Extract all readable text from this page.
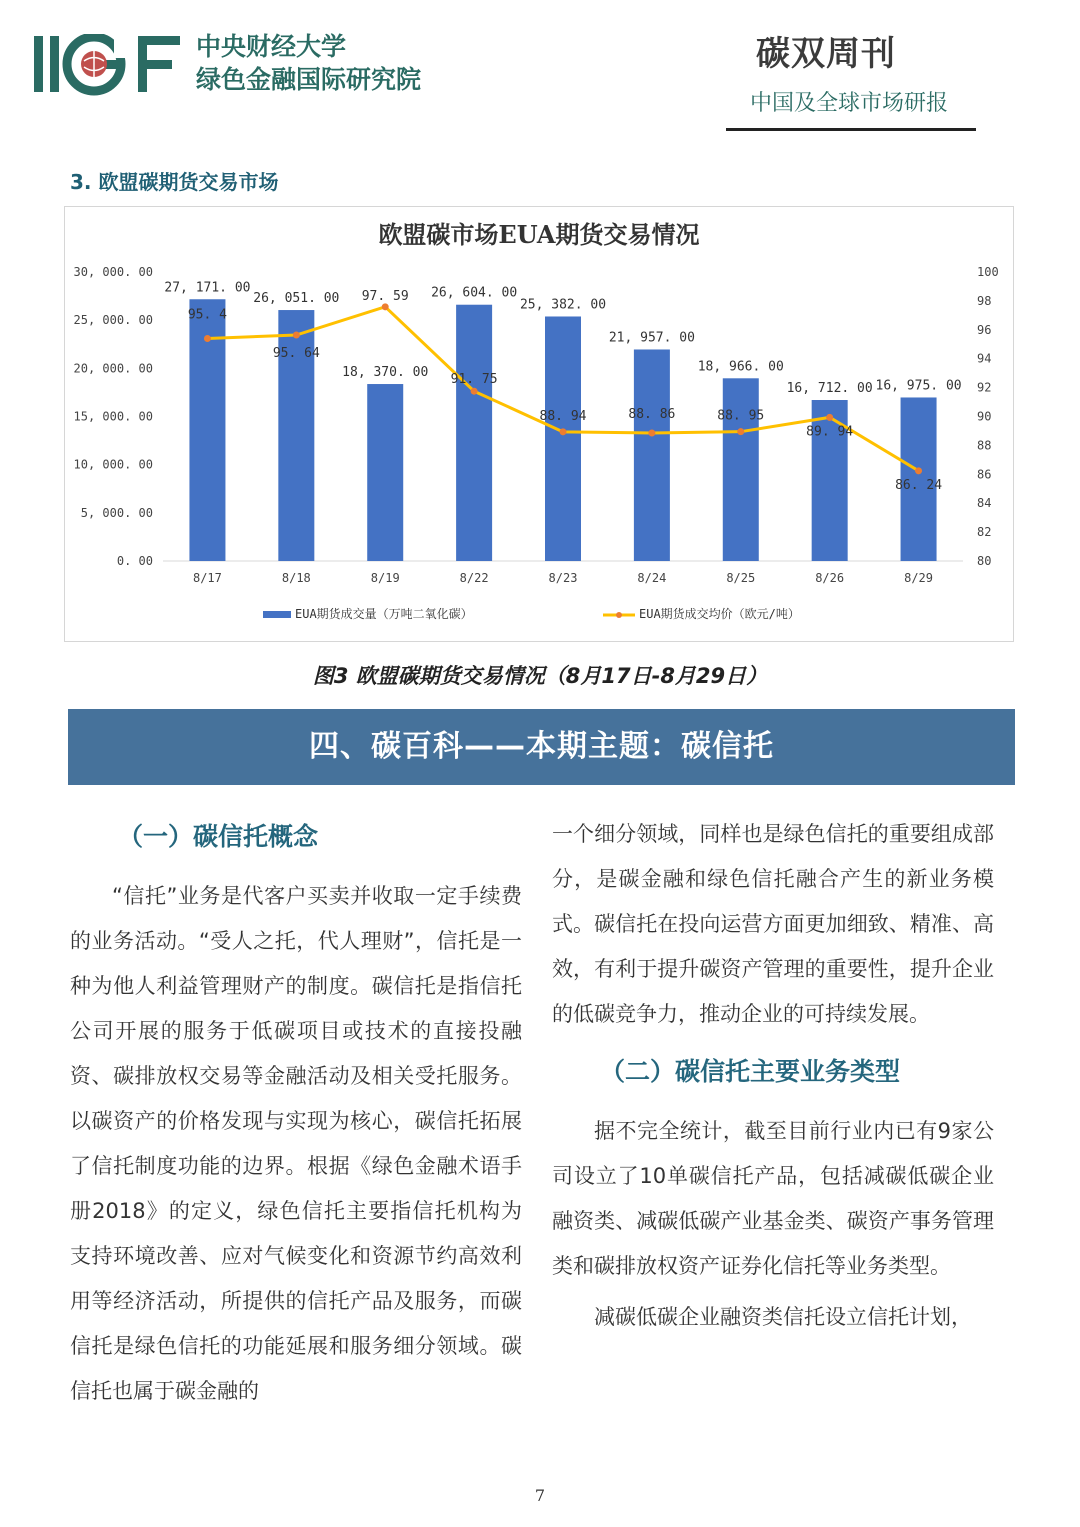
中央财经大学
绿色金融国际研究院
碳双周刊
中国及全球市场研报
3. 欧盟碳期货交易市场
欧盟碳市场EUA期货交易情况
30, 000. 00
25, 000. 00
20, 000. 00
15, 000. 00
10, 000. 00
5, 000. 00
0. 00
100
98
96
94
92
90
88
86
84
82
80
27, 171. 00
8/17
26, 051. 00
8/18
18, 370. 00
8/19
26, 604. 00
8/22
25, 382. 00
8/23
21, 957. 00
8/24
18, 966. 00
8/25
16, 712. 00
8/26
16, 975. 00
8/29
95. 4
95. 64
97. 59
91. 75
88. 94	88. 86	88. 95
89. 94
86. 24
EUA期货成交量（万吨二氧化碳）	EUA期货成交均价（欧元/吨）
图3 欧盟碳期货交易情况（8月17日-8月29日）
四、碳百科——本期主题：碳信托

（一）碳信托概念

“信托”业务是代客户买卖并收取一定手续费的业务活动。“受人之托，代人理财”，信托是一种为他人利益管理财产的制度。碳信托是指信托公司开展的服务于低碳项目或技术的直接投融资、碳排放权交易等金融活动及相关受托服务。以碳资产的价格发现与实现为核心，碳信托拓展了信托制度功能的边界。根据《绿色金融术语手册2018》的定义，绿色信托主要指信托机构为支持环境改善、应对气候变化和资源节约高效利用等经济活动，所提供的信托产品及服务，而碳信托是绿色信托的功能延展和服务细分领域。碳信托也属于碳金融的

一个细分领域，同样也是绿色信托的重要组成部分，是碳金融和绿色信托融合产生的新业务模式。碳信托在投向运营方面更加细致、精准、高效，有利于提升碳资产管理的重要性，提升企业的低碳竞争力，推动企业的可持续发展。

（二）碳信托主要业务类型

据不完全统计，截至目前行业内已有9家公司设立了10单碳信托产品，包括减碳低碳企业融资类、减碳低碳产业基金类、碳资产事务管理类和碳排放权资产证券化信托等业务类型。

减碳低碳企业融资类信托设立信托计划，

7
